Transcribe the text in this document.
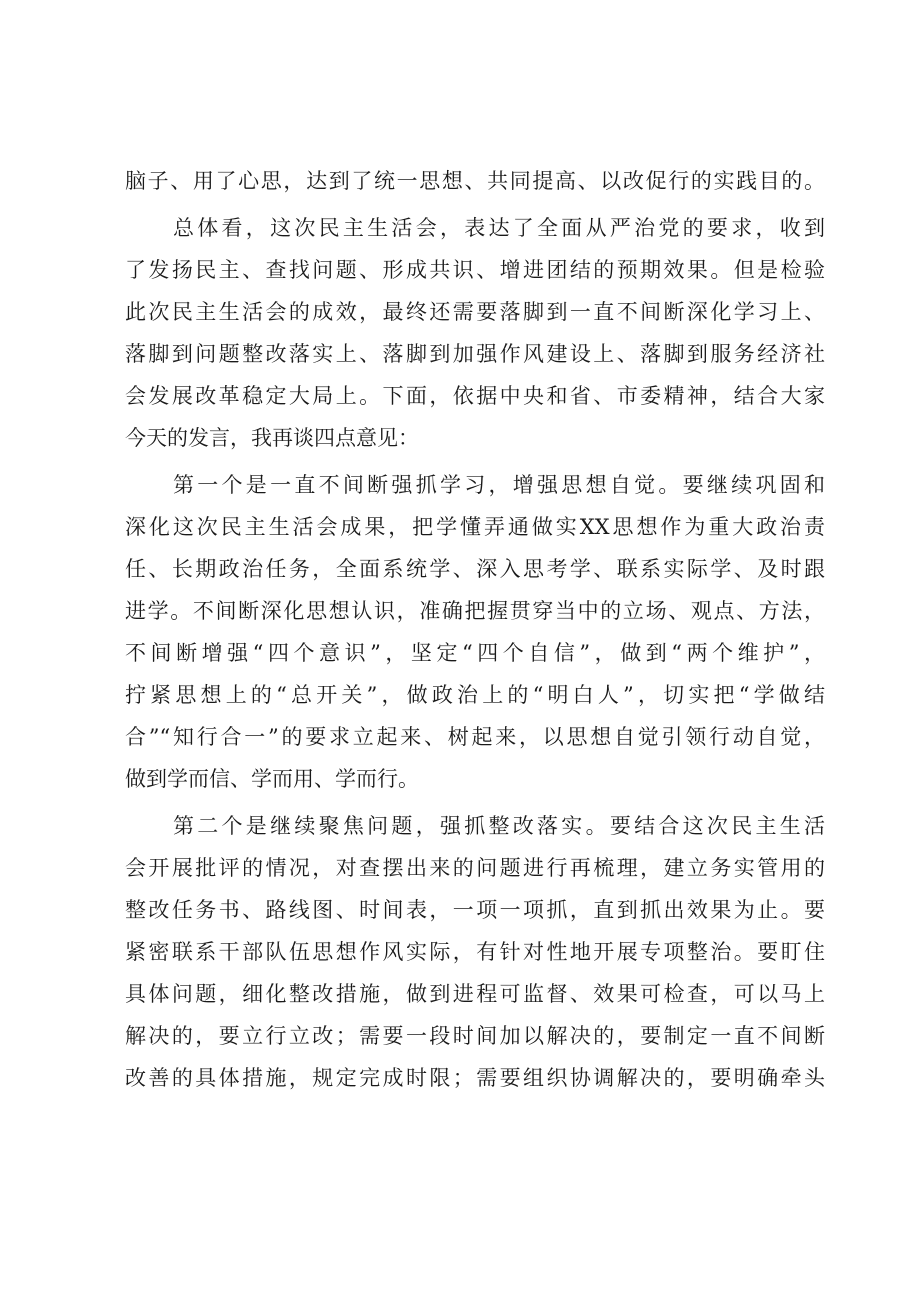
脑子、用了心思，达到了统一思想、共同提高、以改促行的实践目的。
总体看，这次民主生活会，表达了全面从严治党的要求，收到
了发扬民主、查找问题、形成共识、增进团结的预期效果。但是检验
此次民主生活会的成效，最终还需要落脚到一直不间断深化学习上、
落脚到问题整改落实上、落脚到加强作风建设上、落脚到服务经济社
会发展改革稳定大局上。下面，依据中央和省、市委精神，结合大家
今天的发言，我再谈四点意见：
第一个是一直不间断强抓学习，增强思想自觉。要继续巩固和
深化这次民主生活会成果，把学懂弄通做实XX思想作为重大政治责
任、长期政治任务，全面系统学、深入思考学、联系实际学、及时跟
进学。不间断深化思想认识，准确把握贯穿当中的立场、观点、方法，
不间断增强“四个意识”，坚定“四个自信”，做到“两个维护”，
拧紧思想上的“总开关”，做政治上的“明白人”，切实把“学做结
合”“知行合一”的要求立起来、树起来，以思想自觉引领行动自觉，
做到学而信、学而用、学而行。
第二个是继续聚焦问题，强抓整改落实。要结合这次民主生活
会开展批评的情况，对查摆出来的问题进行再梳理，建立务实管用的
整改任务书、路线图、时间表，一项一项抓，直到抓出效果为止。要
紧密联系干部队伍思想作风实际，有针对性地开展专项整治。要盯住
具体问题，细化整改措施，做到进程可监督、效果可检查，可以马上
解决的，要立行立改；需要一段时间加以解决的，要制定一直不间断
改善的具体措施，规定完成时限；需要组织协调解决的，要明确牵头
